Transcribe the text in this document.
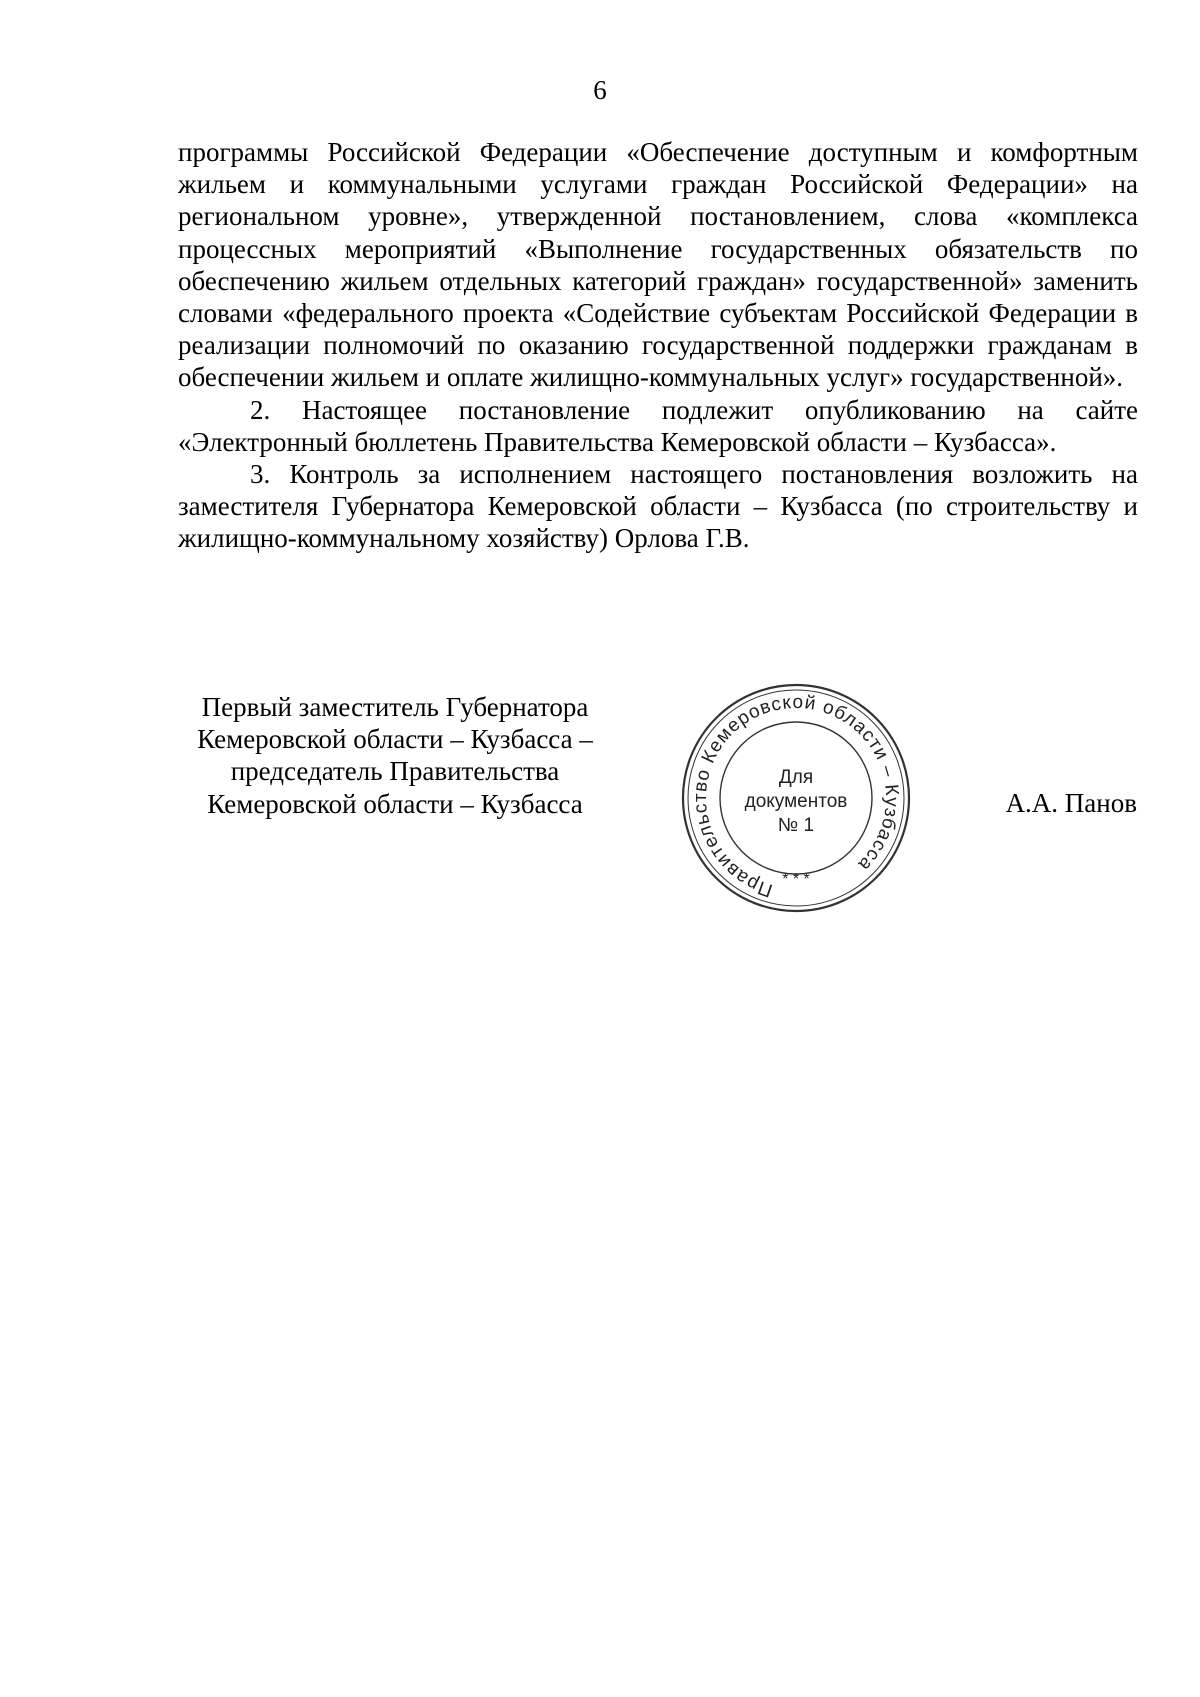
6

программы Российской Федерации «Обеспечение доступным и комфортным жильем и коммунальными услугами граждан Российской Федерации» на региональном уровне», утвержденной постановлением, слова «комплекса процессных мероприятий «Выполнение государственных обязательств по обеспечению жильем отдельных категорий граждан» государственной» заменить словами «федерального проекта «Содействие субъектам Российской Федерации в реализации полномочий по оказанию государственной поддержки гражданам в обеспечении жильем и оплате жилищно-коммунальных услуг» государственной».

2. Настоящее постановление подлежит опубликованию на сайте «Электронный бюллетень Правительства Кемеровской области – Кузбасса».

3. Контроль за исполнением настоящего постановления возложить на заместителя Губернатора Кемеровской области – Кузбасса (по строительству и жилищно-коммунальному хозяйству) Орлова Г.В.

Первый заместитель Губернатора
Кемеровской области – Кузбасса –
председатель Правительства
Кемеровской области – Кузбасса
Правительство Кемеровской области – Кузбасса
* * *
Для
документов
№ 1
А.А. Панов
